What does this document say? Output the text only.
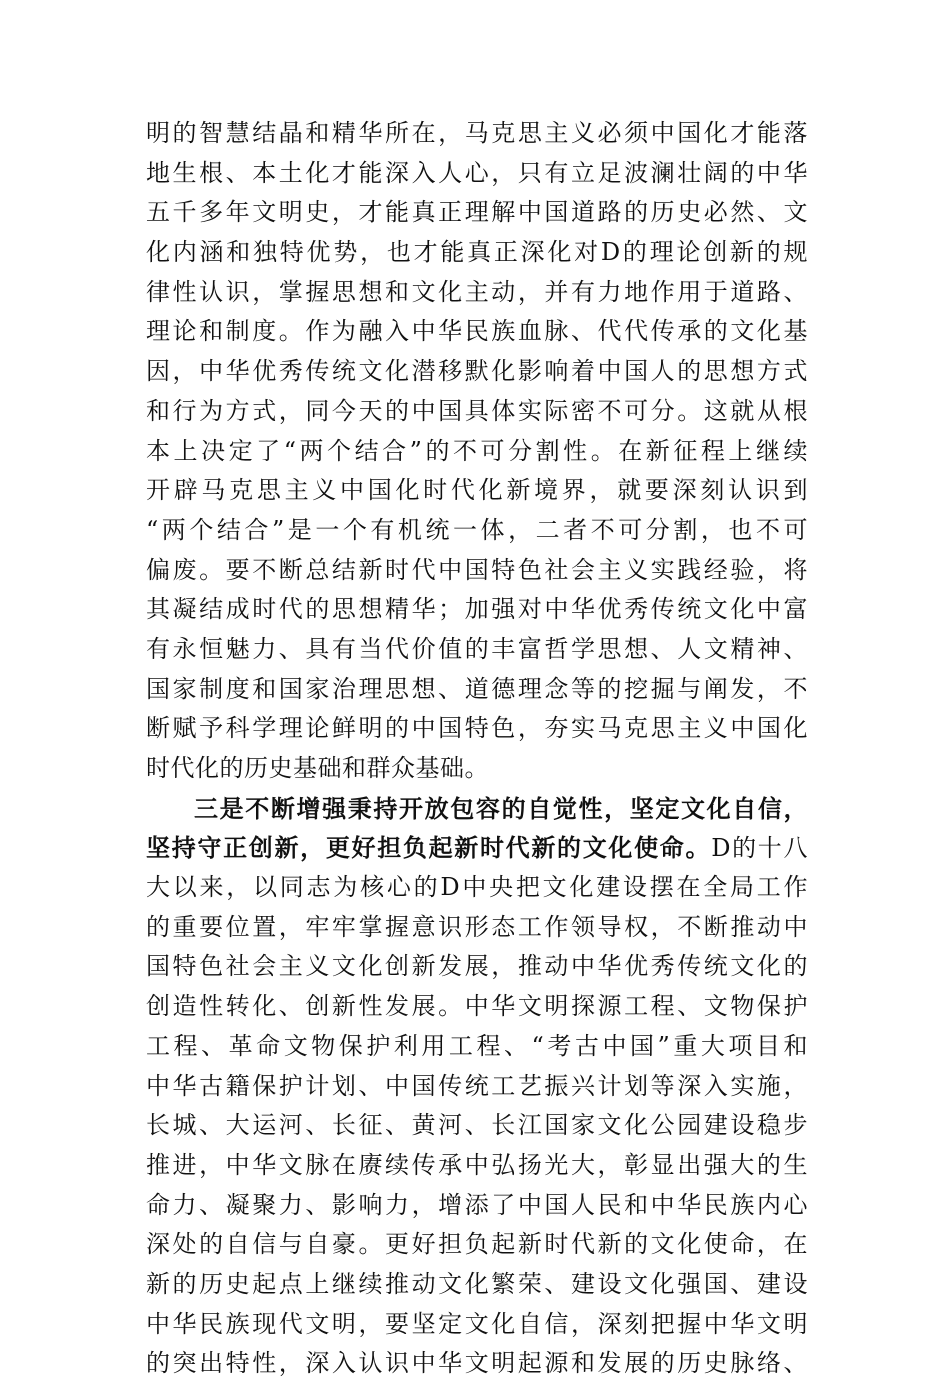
明的智慧结晶和精华所在，马克思主义必须中国化才能落
地生根、本土化才能深入人心，只有立足波澜壮阔的中华
五千多年文明史，才能真正理解中国道路的历史必然、文
化内涵和独特优势，也才能真正深化对D的理论创新的规
律性认识，掌握思想和文化主动，并有力地作用于道路、
理论和制度。作为融入中华民族血脉、代代传承的文化基
因，中华优秀传统文化潜移默化影响着中国人的思想方式
和行为方式，同今天的中国具体实际密不可分。这就从根
本上决定了“两个结合”的不可分割性。在新征程上继续
开辟马克思主义中国化时代化新境界，就要深刻认识到
“两个结合”是一个有机统一体，二者不可分割，也不可
偏废。要不断总结新时代中国特色社会主义实践经验，将
其凝结成时代的思想精华；加强对中华优秀传统文化中富
有永恒魅力、具有当代价值的丰富哲学思想、人文精神、
国家制度和国家治理思想、道德理念等的挖掘与阐发，不
断赋予科学理论鲜明的中国特色，夯实马克思主义中国化
时代化的历史基础和群众基础。
三是不断增强秉持开放包容的自觉性，坚定文化自信，
坚持守正创新，更好担负起新时代新的文化使命。D的十八
大以来，以同志为核心的D中央把文化建设摆在全局工作
的重要位置，牢牢掌握意识形态工作领导权，不断推动中
国特色社会主义文化创新发展，推动中华优秀传统文化的
创造性转化、创新性发展。中华文明探源工程、文物保护
工程、革命文物保护利用工程、“考古中国”重大项目和
中华古籍保护计划、中国传统工艺振兴计划等深入实施，
长城、大运河、长征、黄河、长江国家文化公园建设稳步
推进，中华文脉在赓续传承中弘扬光大，彰显出强大的生
命力、凝聚力、影响力，增添了中国人民和中华民族内心
深处的自信与自豪。更好担负起新时代新的文化使命，在
新的历史起点上继续推动文化繁荣、建设文化强国、建设
中华民族现代文明，要坚定文化自信，深刻把握中华文明
的突出特性，深入认识中华文明起源和发展的历史脉络、
